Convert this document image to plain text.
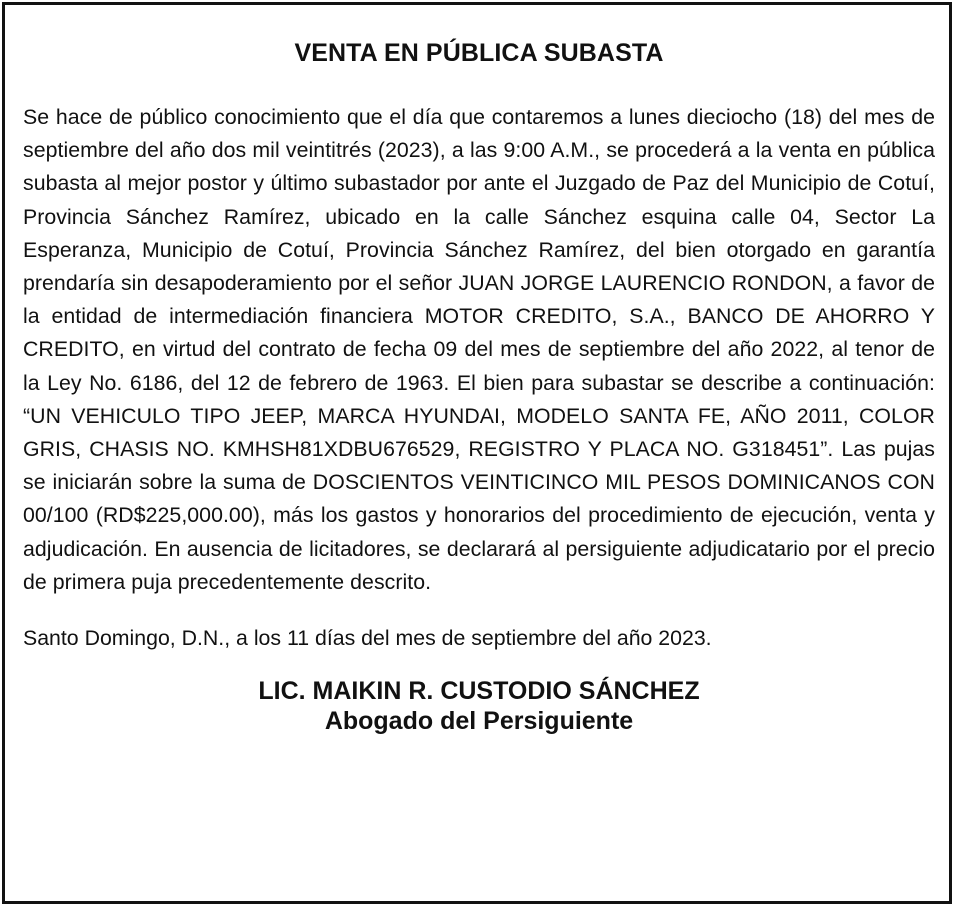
VENTA EN PÚBLICA SUBASTA

Se hace de público conocimiento que el día que contaremos a lunes dieciocho (18) del mes de septiembre del año dos mil veintitrés (2023), a las 9:00 A.M., se procederá a la venta en pública subasta al mejor postor y último subastador por ante el Juzgado de Paz del Municipio de Cotuí, Provincia Sánchez Ramírez, ubicado en la calle Sánchez esquina calle 04, Sector La Esperanza, Municipio de Cotuí, Provincia Sánchez Ramírez, del bien otorgado en garantía prendaría sin desapoderamiento por el señor JUAN JORGE LAURENCIO RONDON, a favor de la entidad de intermediación financiera MOTOR CREDITO, S.A., BANCO DE AHORRO Y CREDITO, en virtud del contrato de fecha 09 del mes de septiembre del año 2022, al tenor de la Ley No. 6186, del 12 de febrero de 1963. El bien para subastar se describe a continuación: “UN VEHICULO TIPO JEEP, MARCA HYUNDAI, MODELO SANTA FE, AÑO 2011, COLOR GRIS, CHASIS NO. KMHSH81XDBU676529, REGISTRO Y PLACA NO. G318451”. Las pujas se iniciarán sobre la suma de DOSCIENTOS VEINTICINCO MIL PESOS DOMINICANOS CON 00/100 (RD$225,000.00), más los gastos y honorarios del procedimiento de ejecución, venta y adjudicación. En ausencia de licitadores, se declarará al persiguiente adjudicatario por el precio de primera puja precedentemente descrito.

Santo Domingo, D.N., a los 11 días del mes de septiembre del año 2023.

LIC. MAIKIN R. CUSTODIO SÁNCHEZ
Abogado del Persiguiente
